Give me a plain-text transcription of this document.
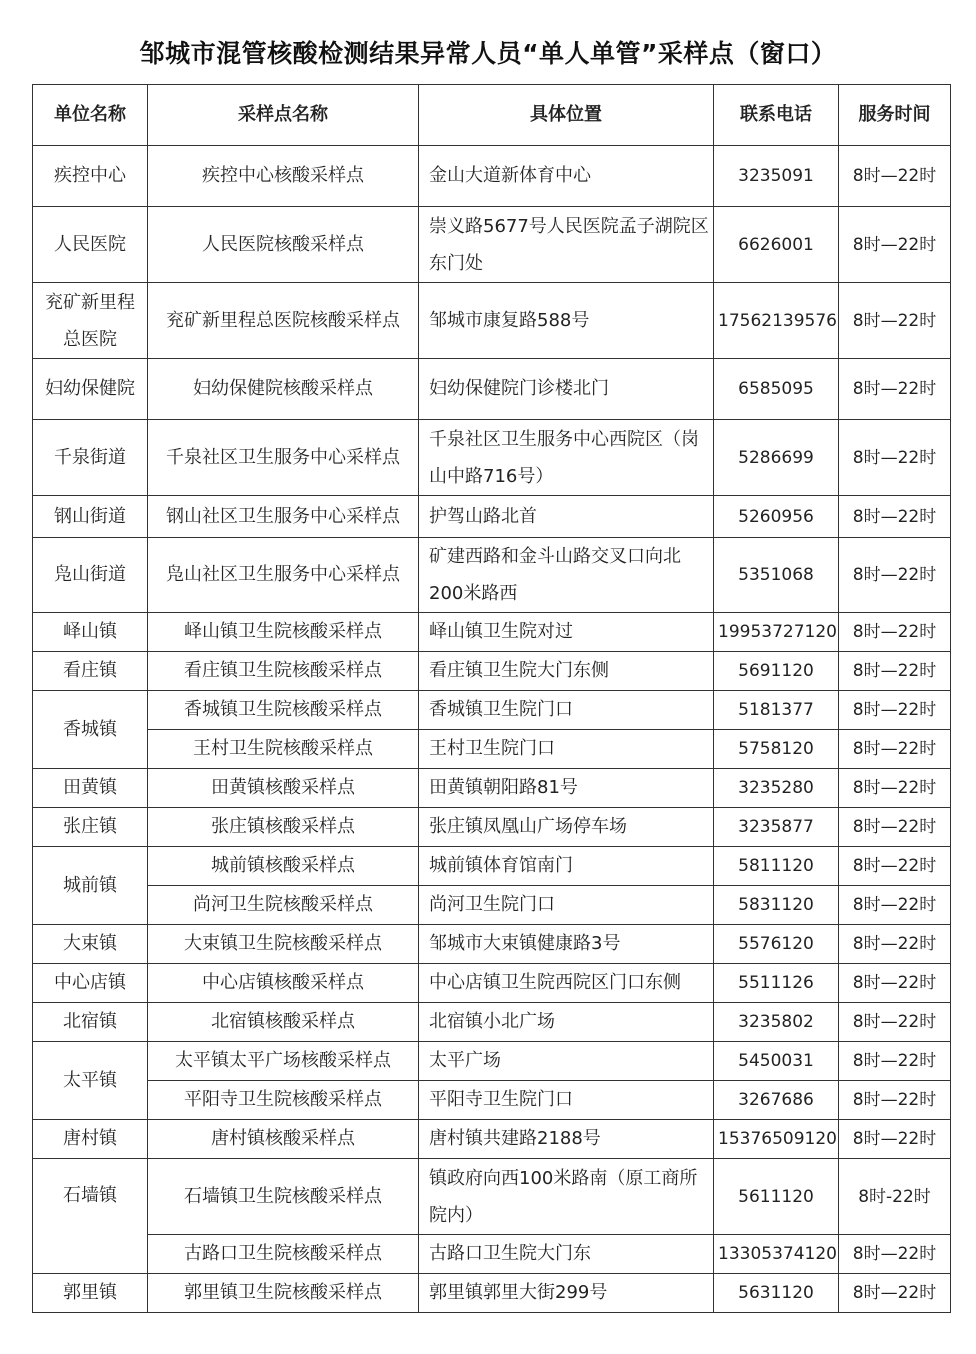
邹城市混管核酸检测结果异常人员“单人单管”采样点（窗口）
单位名称	采样点名称	具体位置	联系电话	服务时间
疾控中心	疾控中心核酸采样点	金山大道新体育中心	3235091	8时—22时
人民医院	人民医院核酸采样点	崇义路5677号人民医院孟子湖院区东门处	6626001	8时—22时
兖矿新里程总医院	兖矿新里程总医院核酸采样点	邹城市康复路588号	17562139576	8时—22时
妇幼保健院	妇幼保健院核酸采样点	妇幼保健院门诊楼北门	6585095	8时—22时
千泉街道	千泉社区卫生服务中心采样点	千泉社区卫生服务中心西院区（岗山中路716号）	5286699	8时—22时
钢山街道	钢山社区卫生服务中心采样点	护驾山路北首	5260956	8时—22时
凫山街道	凫山社区卫生服务中心采样点	矿建西路和金斗山路交叉口向北200米路西	5351068	8时—22时
峄山镇	峄山镇卫生院核酸采样点	峄山镇卫生院对过	19953727120	8时—22时
看庄镇	看庄镇卫生院核酸采样点	看庄镇卫生院大门东侧	5691120	8时—22时
香城镇	香城镇卫生院核酸采样点	香城镇卫生院门口	5181377	8时—22时
	王村卫生院核酸采样点	王村卫生院门口	5758120	8时—22时
田黄镇	田黄镇核酸采样点	田黄镇朝阳路81号	3235280	8时—22时
张庄镇	张庄镇核酸采样点	张庄镇凤凰山广场停车场	3235877	8时—22时
城前镇	城前镇核酸采样点	城前镇体育馆南门	5811120	8时—22时
	尚河卫生院核酸采样点	尚河卫生院门口	5831120	8时—22时
大束镇	大束镇卫生院核酸采样点	邹城市大束镇健康路3号	5576120	8时—22时
中心店镇	中心店镇核酸采样点	中心店镇卫生院西院区门口东侧	5511126	8时—22时
北宿镇	北宿镇核酸采样点	北宿镇小北广场	3235802	8时—22时
太平镇	太平镇太平广场核酸采样点	太平广场	5450031	8时—22时
	平阳寺卫生院核酸采样点	平阳寺卫生院门口	3267686	8时—22时
唐村镇	唐村镇核酸采样点	唐村镇共建路2188号	15376509120	8时—22时
石墙镇	石墙镇卫生院核酸采样点	镇政府向西100米路南（原工商所院内）	5611120	8时-22时
	古路口卫生院核酸采样点	古路口卫生院大门东	13305374120	8时—22时
郭里镇	郭里镇卫生院核酸采样点	郭里镇郭里大街299号	5631120	8时—22时
